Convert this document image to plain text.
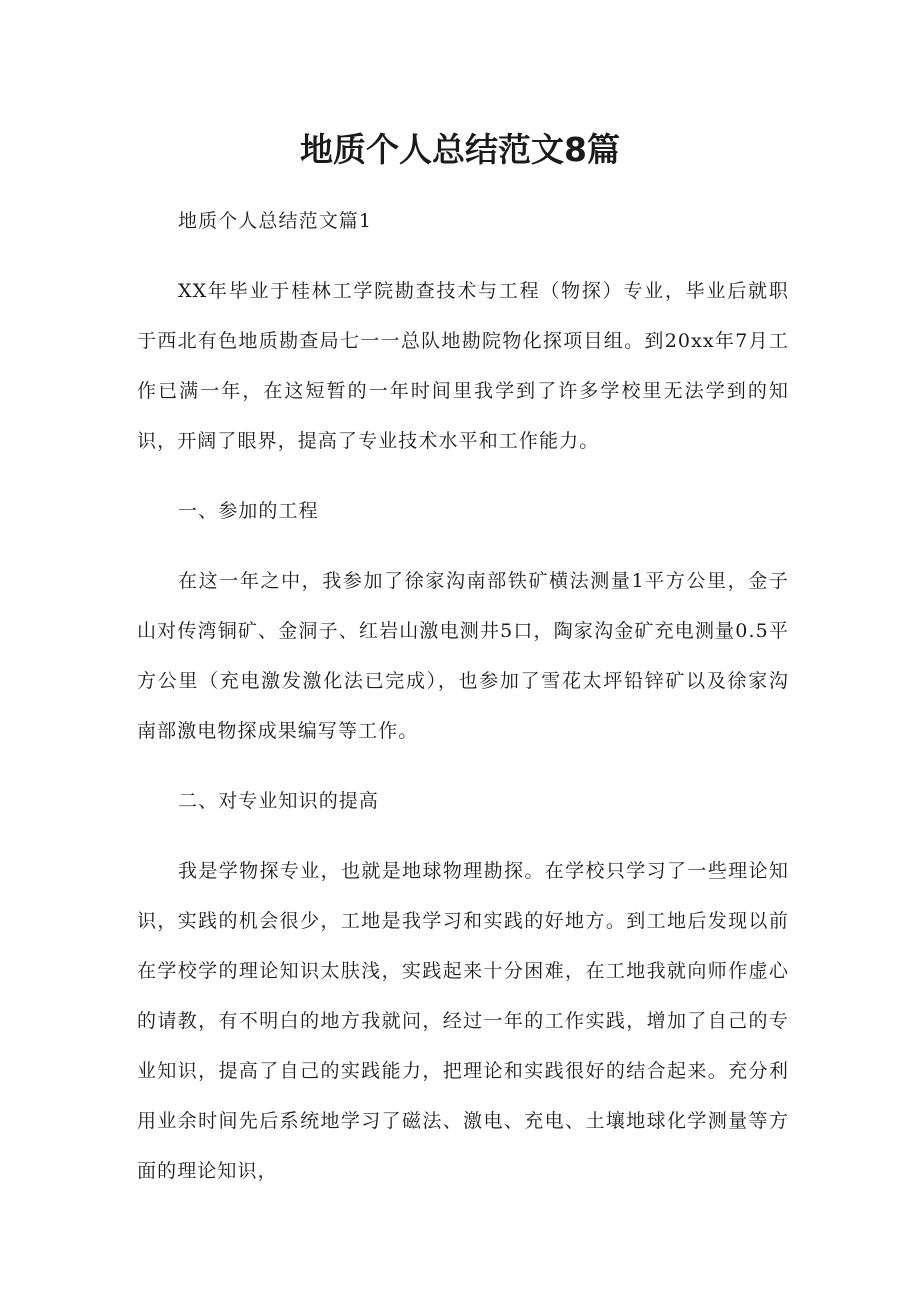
地质个人总结范文8篇

地质个人总结范文篇1

XX年毕业于桂林工学院勘查技术与工程（物探）专业，毕业后就职于西北有色地质勘查局七一一总队地勘院物化探项目组。到20xx年7月工作已满一年，在这短暂的一年时间里我学到了许多学校里无法学到的知识，开阔了眼界，提高了专业技术水平和工作能力。

一、参加的工程

在这一年之中，我参加了徐家沟南部铁矿横法测量1平方公里，金子山对传湾铜矿、金洞子、红岩山激电测井5口，陶家沟金矿充电测量0.5平方公里（充电激发激化法已完成），也参加了雪花太坪铅锌矿以及徐家沟南部激电物探成果编写等工作。

二、对专业知识的提高

我是学物探专业，也就是地球物理勘探。在学校只学习了一些理论知识，实践的机会很少，工地是我学习和实践的好地方。到工地后发现以前在学校学的理论知识太肤浅，实践起来十分困难，在工地我就向师作虚心的请教，有不明白的地方我就问，经过一年的工作实践，增加了自己的专业知识，提高了自己的实践能力，把理论和实践很好的结合起来。充分利用业余时间先后系统地学习了磁法、激电、充电、土壤地球化学测量等方面的理论知识，
